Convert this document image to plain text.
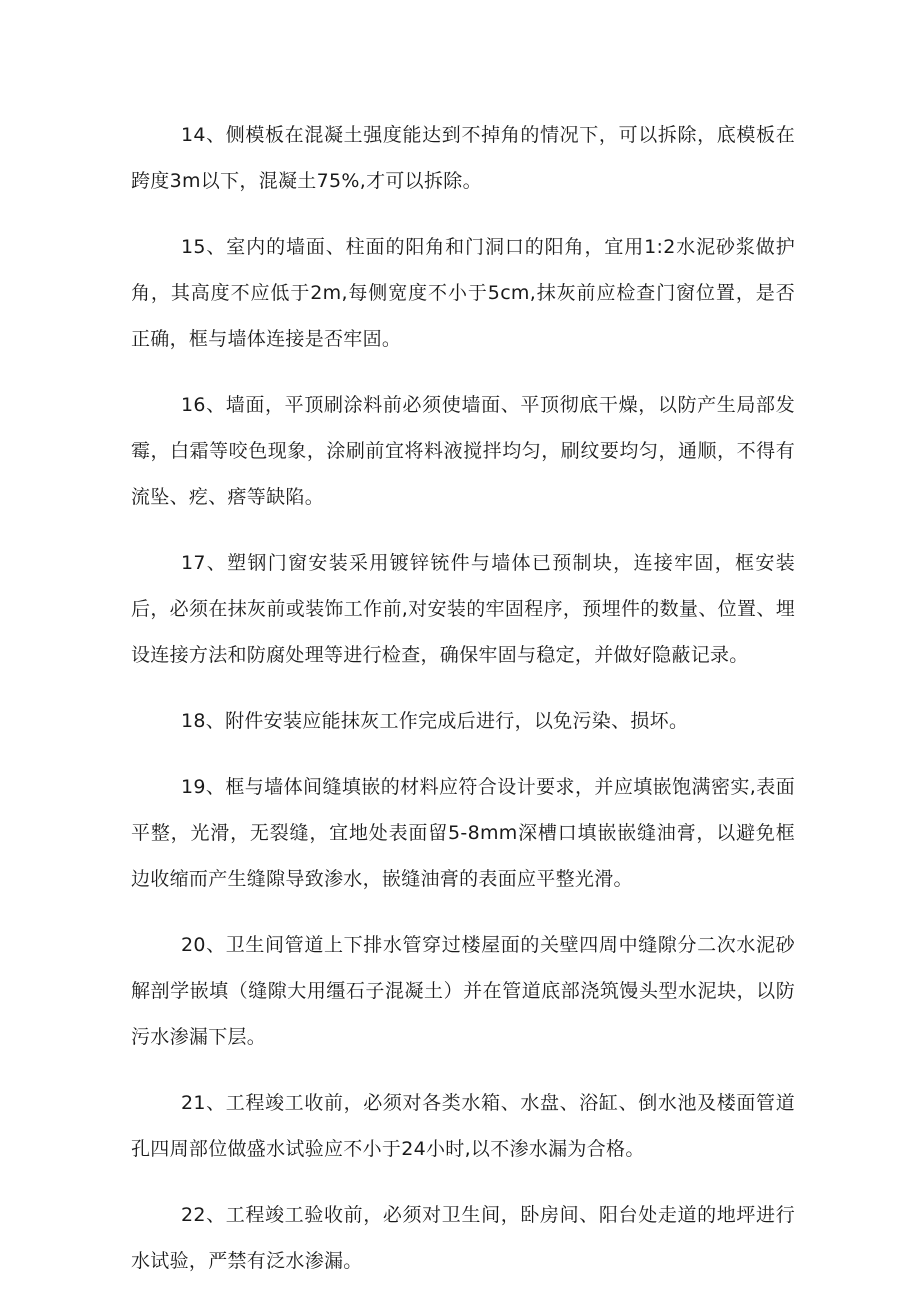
14、侧模板在混凝土强度能达到不掉角的情况下，可以拆除，底模板在跨度3m以下，混凝土75%,才可以拆除。

15、室内的墙面、柱面的阳角和门洞口的阳角，宜用1:2水泥砂浆做护角，其高度不应低于2m,每侧宽度不小于5cm,抹灰前应检查门窗位置，是否正确，框与墙体连接是否牢固。

16、墙面，平顶刷涂料前必须使墙面、平顶彻底干燥，以防产生局部发霉，白霜等咬色现象，涂刷前宜将料液搅拌均匀，刷纹要均匀，通顺，不得有流坠、疙、瘩等缺陷。

17、塑钢门窗安装采用镀锌铳件与墙体已预制块，连接牢固，框安装后，必须在抹灰前或装饰工作前,对安装的牢固程序，预埋件的数量、位置、埋设连接方法和防腐处理等进行检查，确保牢固与稳定，并做好隐蔽记录。

18、附件安装应能抹灰工作完成后进行，以免污染、损坏。

19、框与墙体间缝填嵌的材料应符合设计要求，并应填嵌饱满密实,表面平整，光滑，无裂缝，宜地处表面留5-8mm深槽口填嵌嵌缝油膏，以避免框边收缩而产生缝隙导致渗水，嵌缝油膏的表面应平整光滑。

20、卫生间管道上下排水管穿过楼屋面的关壁四周中缝隙分二次水泥砂解剖学嵌填（缝隙大用缰石子混凝土）并在管道底部浇筑馒头型水泥块，以防污水渗漏下层。

21、工程竣工收前，必须对各类水箱、水盘、浴缸、倒水池及楼面管道孔四周部位做盛水试验应不小于24小时,以不渗水漏为合格。

22、工程竣工验收前，必须对卫生间，卧房间、阳台处走道的地坪进行水试验，严禁有泛水渗漏。
